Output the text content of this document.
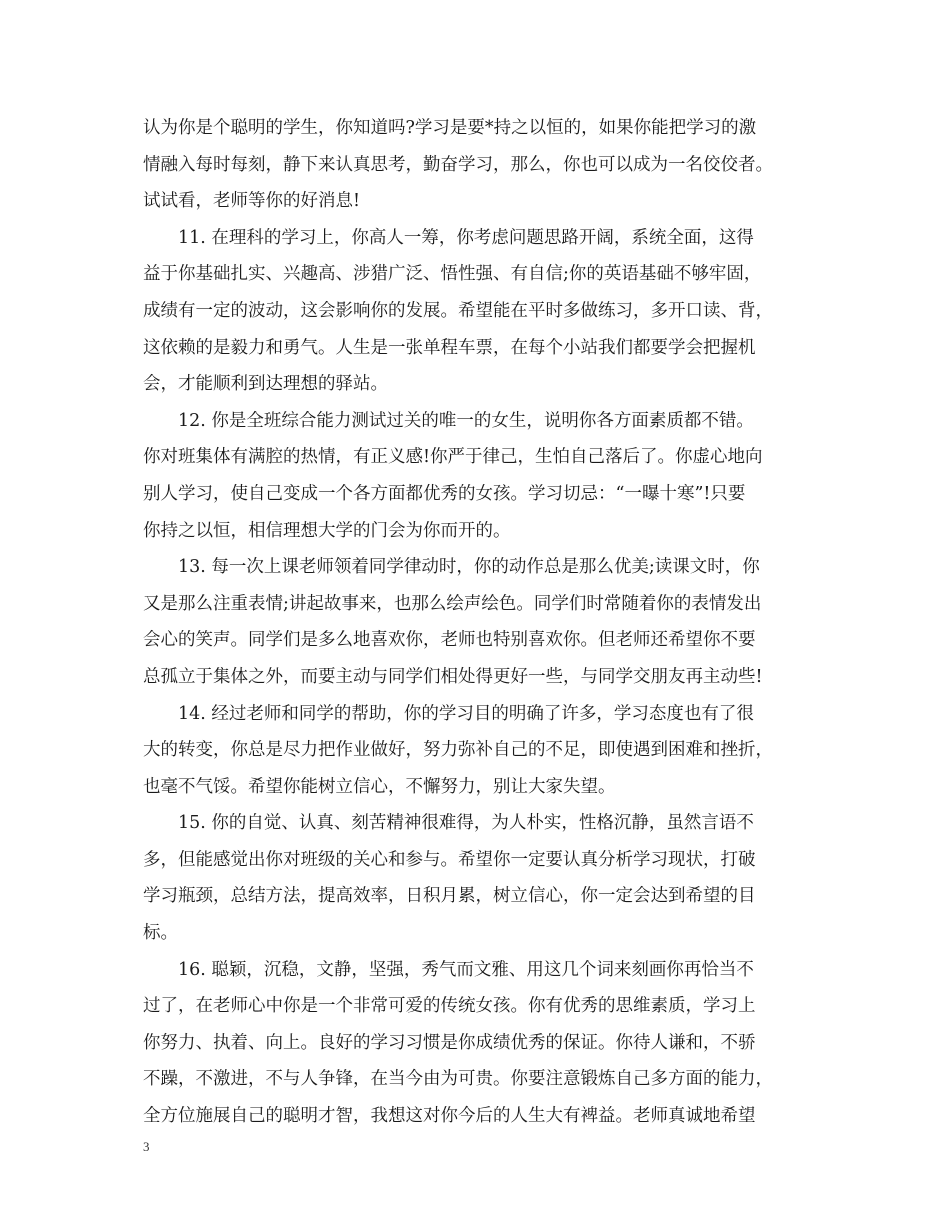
认为你是个聪明的学生，你知道吗?学习是要*持之以恒的，如果你能把学习的激
情融入每时每刻，静下来认真思考，勤奋学习，那么，你也可以成为一名佼佼者。
试试看，老师等你的好消息!
11. 在理科的学习上，你高人一筹，你考虑问题思路开阔，系统全面，这得
益于你基础扎实、兴趣高、涉猎广泛、悟性强、有自信;你的英语基础不够牢固，
成绩有一定的波动，这会影响你的发展。希望能在平时多做练习，多开口读、背，
这依赖的是毅力和勇气。人生是一张单程车票，在每个小站我们都要学会把握机
会，才能顺利到达理想的驿站。
12. 你是全班综合能力测试过关的唯一的女生，说明你各方面素质都不错。
你对班集体有满腔的热情，有正义感!你严于律己，生怕自己落后了。你虚心地向
别人学习，使自己变成一个各方面都优秀的女孩。学习切忌：“一曝十寒”!只要
你持之以恒，相信理想大学的门会为你而开的。
13. 每一次上课老师领着同学律动时，你的动作总是那么优美;读课文时，你
又是那么注重表情;讲起故事来，也那么绘声绘色。同学们时常随着你的表情发出
会心的笑声。同学们是多么地喜欢你，老师也特别喜欢你。但老师还希望你不要
总孤立于集体之外，而要主动与同学们相处得更好一些，与同学交朋友再主动些!
14. 经过老师和同学的帮助，你的学习目的明确了许多，学习态度也有了很
大的转变，你总是尽力把作业做好，努力弥补自己的不足，即使遇到困难和挫折，
也毫不气馁。希望你能树立信心，不懈努力，别让大家失望。
15. 你的自觉、认真、刻苦精神很难得，为人朴实，性格沉静，虽然言语不
多，但能感觉出你对班级的关心和参与。希望你一定要认真分析学习现状，打破
学习瓶颈，总结方法，提高效率，日积月累，树立信心，你一定会达到希望的目
标。
16. 聪颖，沉稳，文静，坚强，秀气而文雅、用这几个词来刻画你再恰当不
过了，在老师心中你是一个非常可爱的传统女孩。你有优秀的思维素质，学习上
你努力、执着、向上。良好的学习习惯是你成绩优秀的保证。你待人谦和，不骄
不躁，不激进，不与人争锋，在当今由为可贵。你要注意锻炼自己多方面的能力，
全方位施展自己的聪明才智，我想这对你今后的人生大有裨益。老师真诚地希望
3
